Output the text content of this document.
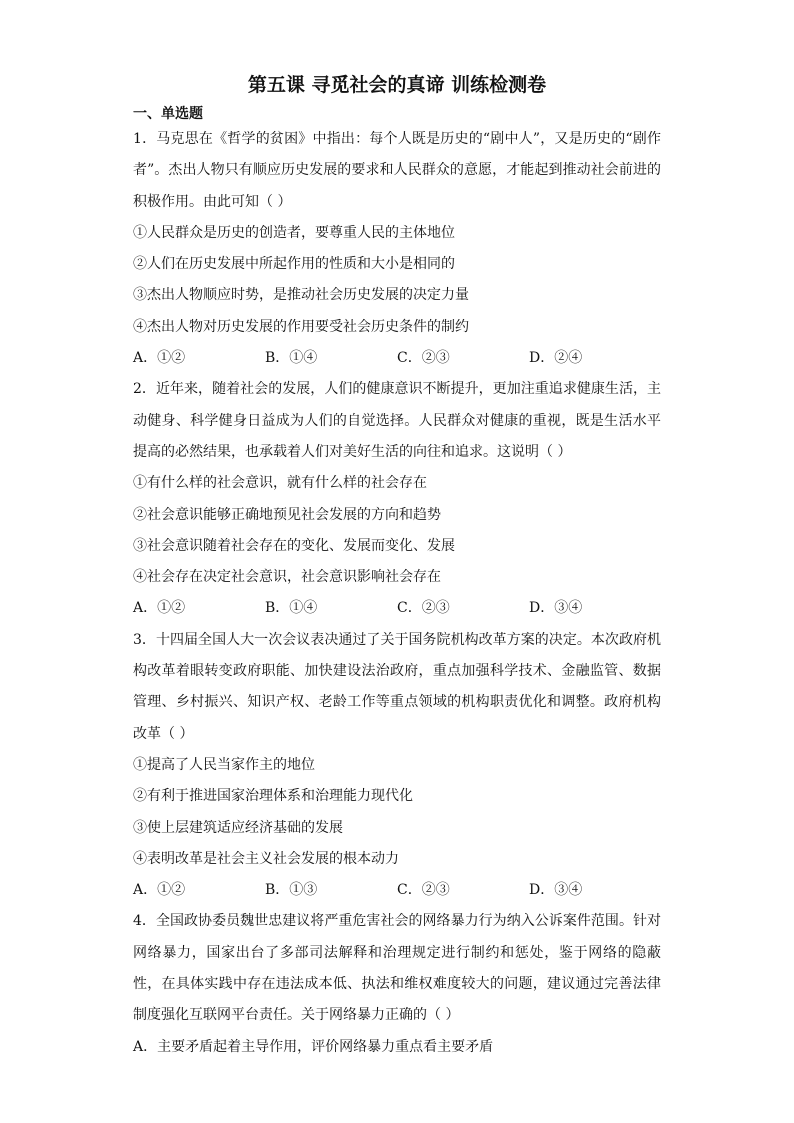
第五课 寻觅社会的真谛 训练检测卷
一、单选题

1．马克思在《哲学的贫困》中指出：每个人既是历史的“剧中人”，又是历史的“剧作者”。杰出人物只有顺应历史发展的要求和人民群众的意愿，才能起到推动社会前进的积极作用。由此可知（ ）

①人民群众是历史的创造者，要尊重人民的主体地位

②人们在历史发展中所起作用的性质和大小是相同的

③杰出人物顺应时势，是推动社会历史发展的决定力量

④杰出人物对历史发展的作用要受社会历史条件的制约

A．①②	B．①④	C．②③	D．②④

2．近年来，随着社会的发展，人们的健康意识不断提升，更加注重追求健康生活，主动健身、科学健身日益成为人们的自觉选择。人民群众对健康的重视，既是生活水平提高的必然结果，也承载着人们对美好生活的向往和追求。这说明（ ）

①有什么样的社会意识，就有什么样的社会存在

②社会意识能够正确地预见社会发展的方向和趋势

③社会意识随着社会存在的变化、发展而变化、发展

④社会存在决定社会意识，社会意识影响社会存在

A．①②	B．①④	C．②③	D．③④

3．十四届全国人大一次会议表决通过了关于国务院机构改革方案的决定。本次政府机构改革着眼转变政府职能、加快建设法治政府，重点加强科学技术、金融监管、数据管理、乡村振兴、知识产权、老龄工作等重点领域的机构职责优化和调整。政府机构改革（ ）

①提高了人民当家作主的地位

②有利于推进国家治理体系和治理能力现代化

③使上层建筑适应经济基础的发展

④表明改革是社会主义社会发展的根本动力

A．①②	B．①③	C．②③	D．③④

4．全国政协委员魏世忠建议将严重危害社会的网络暴力行为纳入公诉案件范围。针对网络暴力，国家出台了多部司法解释和治理规定进行制约和惩处，鉴于网络的隐蔽性，在具体实践中存在违法成本低、执法和维权难度较大的问题，建议通过完善法律制度强化互联网平台责任。关于网络暴力正确的（ ）

A．主要矛盾起着主导作用，评价网络暴力重点看主要矛盾
